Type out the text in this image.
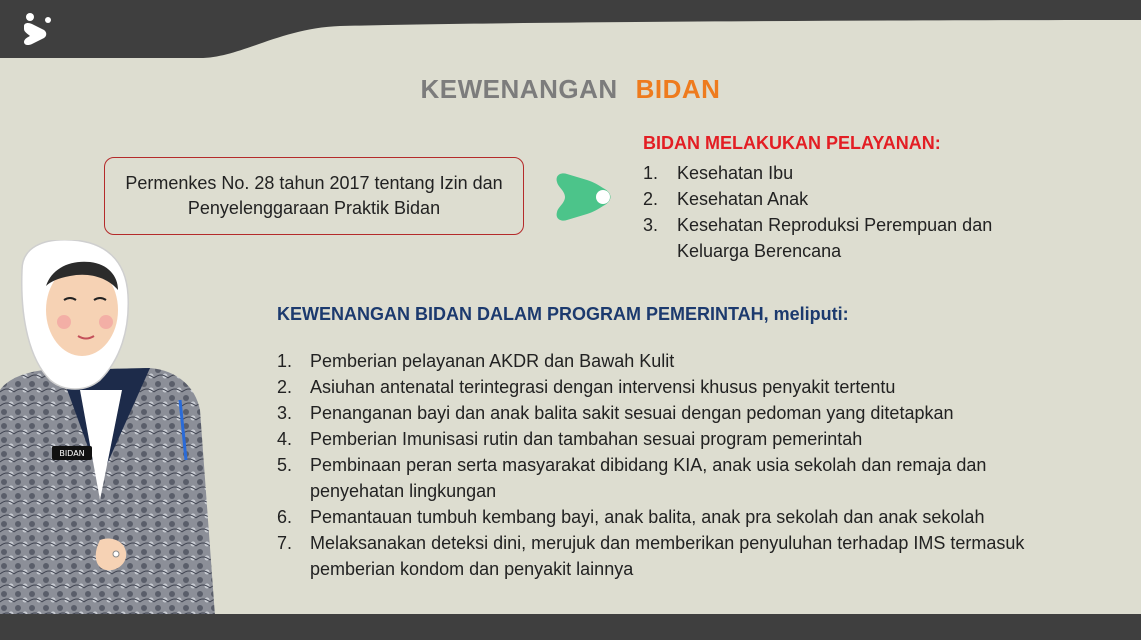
KEWENANGAN BIDAN
Permenkes No. 28 tahun 2017 tentang Izin dan Penyelenggaraan Praktik Bidan
BIDAN MELAKUKAN PELAYANAN:
1.	Kesehatan Ibu
2.	Kesehatan Anak
3.	Kesehatan Reproduksi Perempuan dan Keluarga Berencana
KEWENANGAN BIDAN DALAM PROGRAM PEMERINTAH, meliputi:
1. Pemberian pelayanan AKDR dan Bawah Kulit
2. Asiuhan antenatal terintegrasi dengan intervensi khusus penyakit tertentu
3. Penanganan bayi dan anak balita sakit sesuai dengan pedoman yang ditetapkan
4. Pemberian Imunisasi rutin dan tambahan sesuai program pemerintah
5. Pembinaan peran serta masyarakat dibidang KIA, anak usia sekolah dan remaja dan penyehatan lingkungan
6. Pemantauan tumbuh kembang bayi, anak balita, anak pra sekolah dan anak sekolah
7. Melaksanakan deteksi dini, merujuk dan memberikan penyuluhan terhadap IMS termasuk pemberian kondom dan penyakit lainnya
BIDAN
